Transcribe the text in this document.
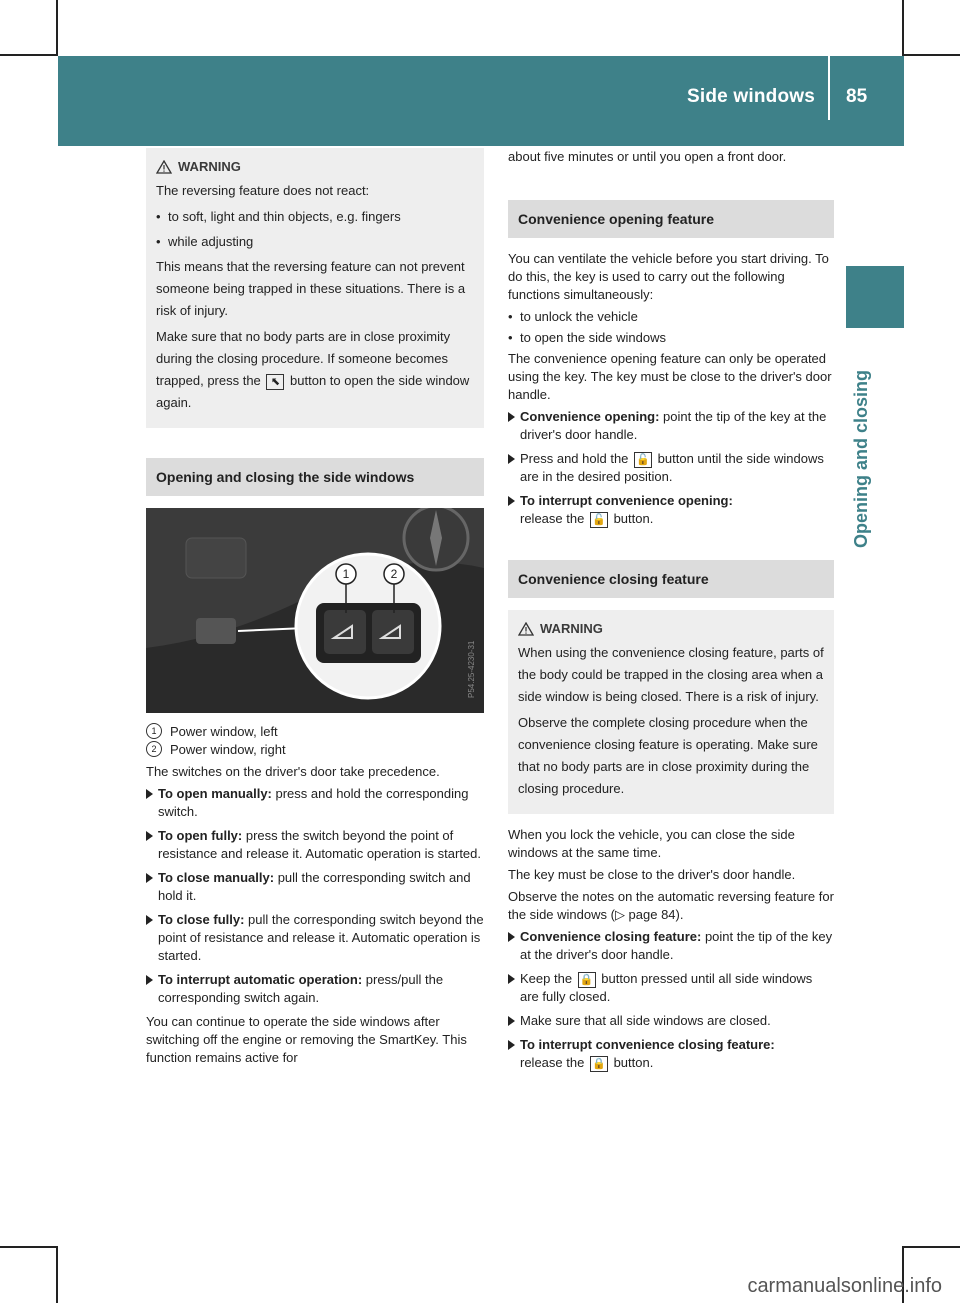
Side windows 85
Opening and closing
WARNING

The reversing feature does not react:

• to soft, light and thin objects, e.g. fingers
• while adjusting

This means that the reversing feature can not prevent someone being trapped in these situations. There is a risk of injury.

Make sure that no body parts are in close proximity during the closing procedure. If someone becomes trapped, press the ⬉ button to open the side window again.

Opening and closing the side windows
1	2
P54.25-4230-31
1	Power window, left
2	Power window, right
The switches on the driver's door take precedence.
To open manually: press and hold the corresponding switch.
To open fully: press the switch beyond the point of resistance and release it. Automatic operation is started.
To close manually: pull the corresponding switch and hold it.
To close fully: pull the corresponding switch beyond the point of resistance and release it. Automatic operation is started.
To interrupt automatic operation: press/pull the corresponding switch again.
You can continue to operate the side windows after switching off the engine or removing the SmartKey. This function remains active for
about five minutes or until you open a front door.
Convenience opening feature
You can ventilate the vehicle before you start driving. To do this, the key is used to carry out the following functions simultaneously:
• to unlock the vehicle
• to open the side windows
The convenience opening feature can only be operated using the key. The key must be close to the driver's door handle.
Convenience opening: point the tip of the key at the driver's door handle.
Press and hold the 🔓 button until the side windows are in the desired position.
To interrupt convenience opening:
release the 🔓 button.
Convenience closing feature
WARNING

When using the convenience closing feature, parts of the body could be trapped in the closing area when a side window is being closed. There is a risk of injury.

Observe the complete closing procedure when the convenience closing feature is operating. Make sure that no body parts are in close proximity during the closing procedure.

When you lock the vehicle, you can close the side windows at the same time.
The key must be close to the driver's door handle.
Observe the notes on the automatic reversing feature for the side windows (▷ page 84).
Convenience closing feature: point the tip of the key at the driver's door handle.
Keep the 🔒 button pressed until all side windows are fully closed.
Make sure that all side windows are closed.
To interrupt convenience closing feature:
release the 🔒 button.
carmanualsonline.info
